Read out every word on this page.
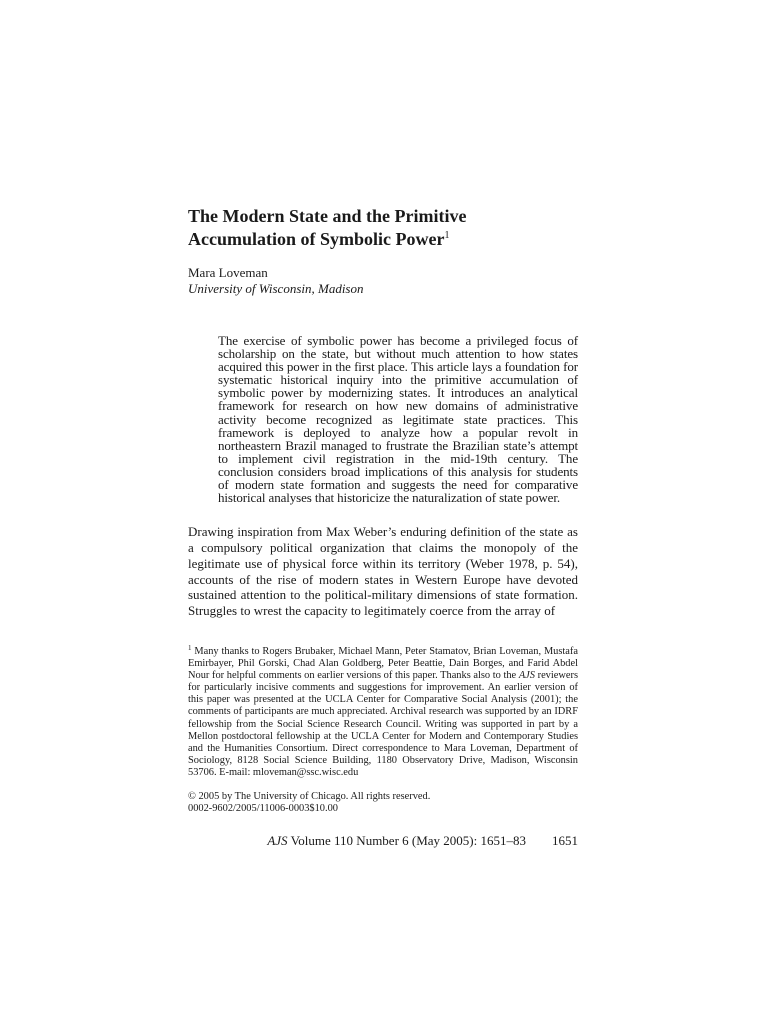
The Modern State and the Primitive
Accumulation of Symbolic Power$^1$
Mara Loveman
University of Wisconsin, Madison
The exercise of symbolic power has become a privileged focus of scholarship on the state, but without much attention to how states acquired this power in the first place. This article lays a foundation for systematic historical inquiry into the primitive accumulation of symbolic power by modernizing states. It introduces an analytical framework for research on how new domains of administrative activity become recognized as legitimate state practices. This framework is deployed to analyze how a popular revolt in northeastern Brazil managed to frustrate the Brazilian state’s attempt to implement civil registration in the mid-19th century. The conclusion considers broad implications of this analysis for students of modern state formation and suggests the need for comparative historical analyses that historicize the naturalization of state power.
Drawing inspiration from Max Weber’s enduring definition of the state as a compulsory political organization that claims the monopoly of the legitimate use of physical force within its territory (Weber 1978, p. 54), accounts of the rise of modern states in Western Europe have devoted sustained attention to the political-military dimensions of state formation. Struggles to wrest the capacity to legitimately coerce from the array of
$^1$ Many thanks to Rogers Brubaker, Michael Mann, Peter Stamatov, Brian Loveman, Mustafa Emirbayer, Phil Gorski, Chad Alan Goldberg, Peter Beattie, Dain Borges, and Farid Abdel Nour for helpful comments on earlier versions of this paper. Thanks also to the AJS reviewers for particularly incisive comments and suggestions for improvement. An earlier version of this paper was presented at the UCLA Center for Comparative Social Analysis (2001); the comments of participants are much appreciated. Archival research was supported by an IDRF fellowship from the Social Science Research Council. Writing was supported in part by a Mellon postdoctoral fellowship at the UCLA Center for Modern and Contemporary Studies and the Humanities Consortium. Direct correspondence to Mara Loveman, Department of Sociology, 8128 Social Science Building, 1180 Observatory Drive, Madison, Wisconsin 53706. E-mail: mloveman@ssc.wisc.edu
© 2005 by The University of Chicago. All rights reserved.
0002-9602/2005/11006-0003$10.00
AJS Volume 110 Number 6 (May 2005): 1651–83 1651
